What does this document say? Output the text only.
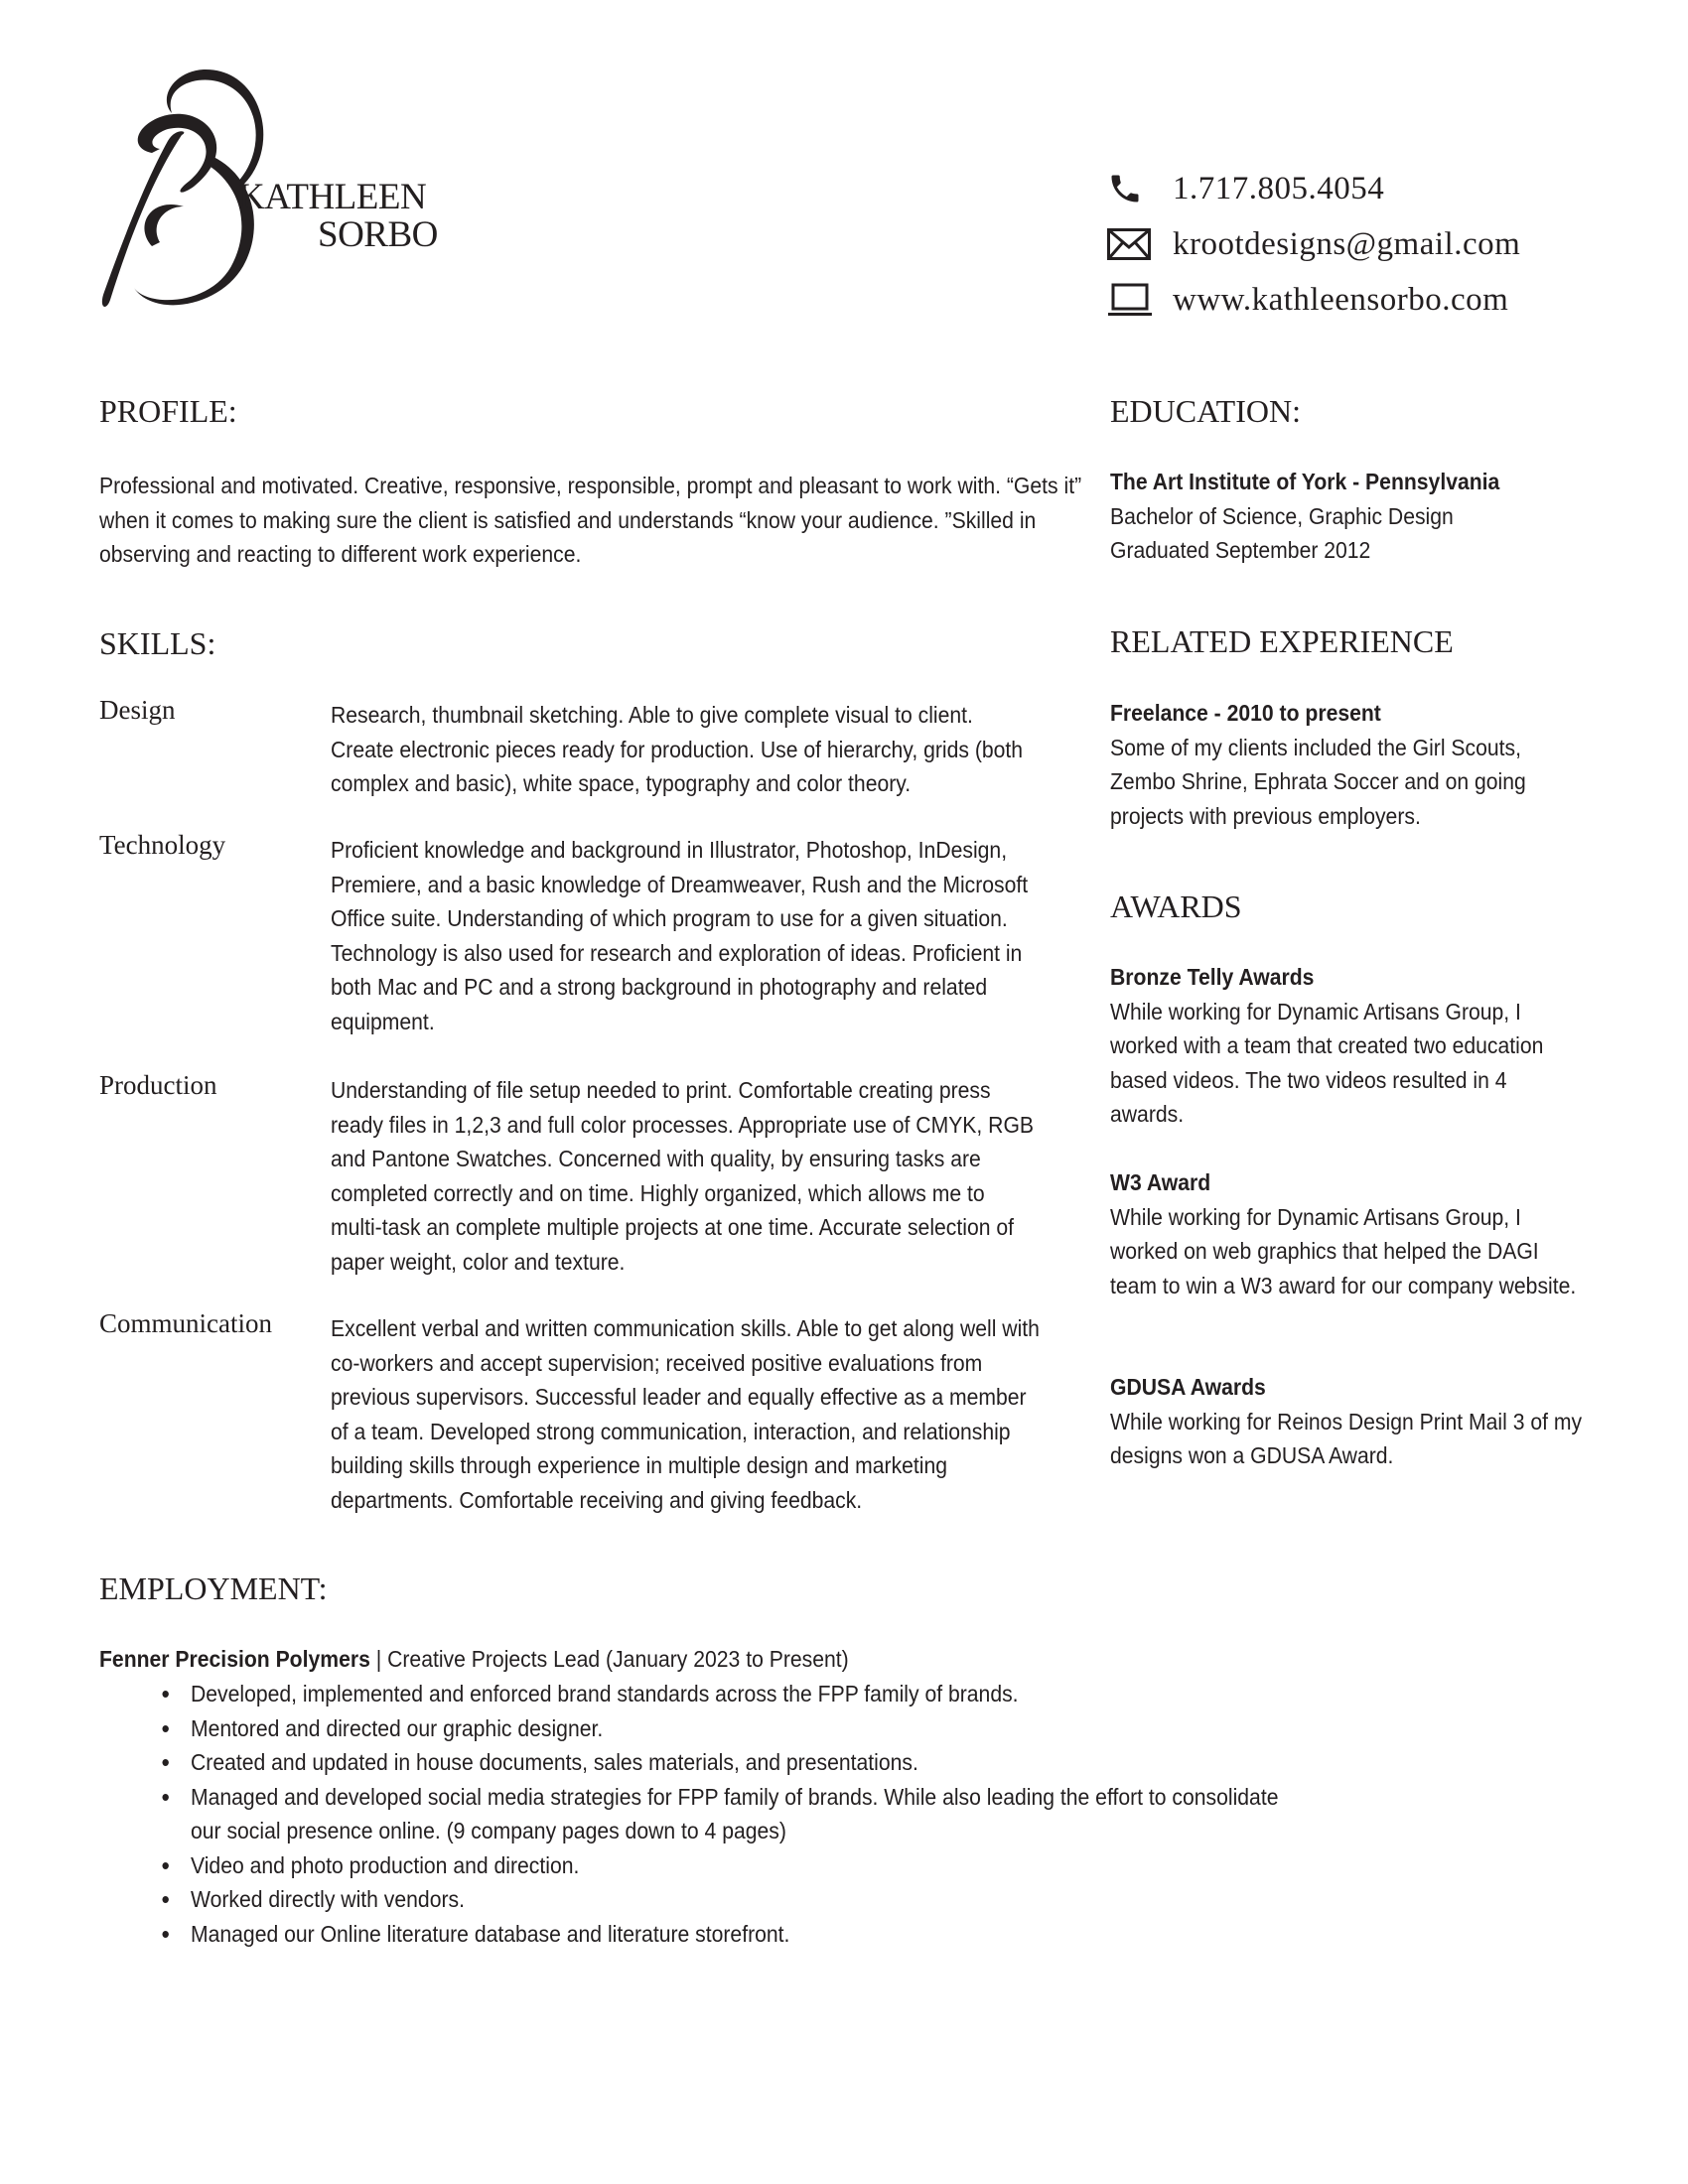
KATHLEEN
SORBO
1.717.805.4054
krootdesigns@gmail.com
www.kathleensorbo.com
PROFILE:
Professional and motivated. Creative, responsive, responsible, prompt and pleasant to work with. “Gets it” when it comes to making sure the client is satisfied and understands “know your audience. ”Skilled in observing and reacting to different work experience.
SKILLS:
Design	Research, thumbnail sketching. Able to give complete visual to client. Create electronic pieces ready for production. Use of hierarchy, grids (both complex and basic), white space, typography and color theory.
Technology	Proficient knowledge and background in Illustrator, Photoshop, InDesign, Premiere, and a basic knowledge of Dreamweaver, Rush and the Microsoft Office suite. Understanding of which program to use for a given situation. Technology is also used for research and exploration of ideas. Proficient in both Mac and PC and a strong background in photography and related equipment.
Production	Understanding of file setup needed to print. Comfortable creating press ready files in 1,2,3 and full color processes. Appropriate use of CMYK, RGB and Pantone Swatches. Concerned with quality, by ensuring tasks are completed correctly and on time. Highly organized, which allows me to multi-task an complete multiple projects at one time. Accurate selection of paper weight, color and texture.
Communication	Excellent verbal and written communication skills. Able to get along well with co-workers and accept supervision; received positive evaluations from previous supervisors. Successful leader and equally effective as a member of a team. Developed strong communication, interaction, and relationship building skills through experience in multiple design and marketing departments. Comfortable receiving and giving feedback.
EDUCATION:
The Art Institute of York - Pennsylvania
Bachelor of Science, Graphic Design
Graduated September 2012
RELATED EXPERIENCE
Freelance - 2010 to present
Some of my clients included the Girl Scouts, Zembo Shrine, Ephrata Soccer and on going projects with previous employers.
AWARDS
Bronze Telly Awards
While working for Dynamic Artisans Group, I worked with a team that created two education based videos. The two videos resulted in 4 awards.
W3 Award
While working for Dynamic Artisans Group, I worked on web graphics that helped the DAGI team to win a W3 award for our company website.
GDUSA Awards
While working for Reinos Design Print Mail 3 of my designs won a GDUSA Award.
EMPLOYMENT:
Fenner Precision Polymers | Creative Projects Lead (January 2023 to Present)
• Developed, implemented and enforced brand standards across the FPP family of brands.
• Mentored and directed our graphic designer.
• Created and updated in house documents, sales materials, and presentations.
• Managed and developed social media strategies for FPP family of brands. While also leading the effort to consolidate our social presence online. (9 company pages down to 4 pages)
• Video and photo production and direction.
• Worked directly with vendors.
• Managed our Online literature database and literature storefront.
